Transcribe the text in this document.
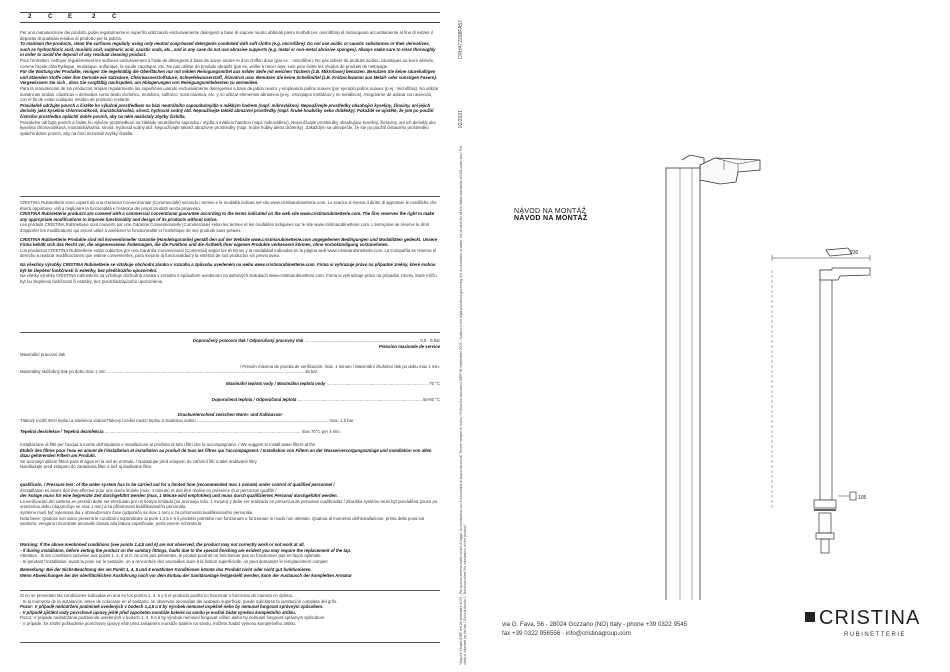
2	Č	E	2	Č

Per una manutenzione dei prodotti, pulire regolarmente le superfici utilizzando esclusivamente detergenti a base di sapone neutro abbinati panni morbidi (es. microfibra) di risciacquare accuratamente al fine di evitare il deposito di qualsiasi residuo di prodotto per la pulizia.

To maintain the products, clean the surfaces regularly using only neutral soap-based detergents combined with soft cloths (e.g. microfibre). Do not use acidic or caustic substances or their derivatives, such as hydrochloric acid, muriatic acid, sulphuric acid, caustic soda, etc., and in any case do not use abrasive supports (e.g. metal or non-metal abrasive sponges). Always make sure to rinse thoroughly in order to avoid the deposit of any residual cleaning product.

Pour l'entretien, nettoyer régulièrement les surfaces exclusivement à l'aide de détergents à base de savon neutre et d'un chiffon doux (par ex. : microfibre). Ne pas utiliser de produits acides, caustiques ou leurs dérivés, comme l'acide chlorhydrique, muriatique, sulfurique, la soude caustique, etc. Ne pas utiliser de produits abrasifs (par ex. veiller à rincer avec soin pour éviter les résidus de produits de nettoyage.

Für die Wartung der Produkte, reinigen Sie regelmäßig die Oberflächen nur mit milden Reinigungsmittel aus milder Seife mit weichen Tüchern (z.B. Mikrofaser) benutzen. Benutzen Sie keine säurehaltigen und ätzenden Stoffe oder ihre Derivate wie Salzsäure, Chlorwasserstoffsäure, Schwefelwasserstoff, Ätznatron usw. Benutzen Sie keine Scheifmittel (z.B. Kratzschwamm aus Metall- oder sonstigen Fasern). Vergewissern Sie sich , dass Sie sorgfältig nachspülen, um Ablagerungen von Reinigungsmittelresten zu vermeiden.

Para la manutención de los productos, limpiar regularmente las superficies usando exclusivamente detergentes a base de jabón neutro y empleando paños suaves (por ejemplo paños suaves (p.ej.: microfibra). No utilizar sustancias ácidas, cáusticas o derivados como ácido clorídrico, muriático, sulfúrico, sosa cáustica, etc. y no utilizar elementos abrasivos (p.ej.: estropajos metálicos y no metálicos). Asegúrarse de aclarar con atención, con el fin de evitar cualquier residuo de producto restante.

Pravidelně udržujte povrch a čistěte ho výlučně prostředkem na bázi neutrálního saponátu/mýdla a měkkým hadrem (např. mikrovlákno). Nepoužívejte prostředky obsahující kyseliny, žíraviny, ani jejich deriváty jako kyselina chlorovodíková, muriatická/solná, sírová, hydroxid sodný atd. Nepoužívejte taktéž abrazivní prostředky (např. hrubé houbičky nebo drátěnky). Pokaždé se ujistěte, že jste po použití čisticího prostředku opláchli dobře povrch, aby na něm nezůstaly zbytky čistidla.

Pravidelne udržujte povrch a čistite ho výlučne prostriedkom na základe neutrálneho saponátu / mydla a mäkkou handrou (napr. mikrovlákno). Nepoužívajte prostriedky obsahujúce kyseliny, žieraviny, ani ich deriváty ako kyselina chlorovodíková, muriatická/soľná, sírová, hydroxid sodný atď. Nepoužívajte taktiež abrazívne prostriedky (napr. hrubé hubky alebo drôtenky). Zakaždým sa ubezpečte, že ste po použití čistiaceho prostriedku opláchli dobre povrch, aby na ňom nezostali zvyšky čistidla.

CRISTINA Rubinetterie sono coperti da una Garanzia Convenzionale (Commerciale) secondo i termini e le modalità indicati nel sito www.cristinarubinetterie.com. Lo scarico si riserva il diritto di apportare le modifiche che riterrà opportune, utili a migliorare la funzionalità e l'estetica dei propri prodotti senza preavviso.

CRISTINA Rubinetterie products are covered with a commercial conventional guarantee according to the terms indicated on the web site www.cristinarubinetterie.com. The firm reserves the right to make any appropriate modifications to improve functionality and design of its products without notice.

Les produits CRISTINA Rubinetterie sont couverts par une Garantie Conventionnelle (Commerciale) selon les termes et les modalités indiquées sur le site www.cristinarubinetterie.com. L'entreprise se réserve le droit d'apporter les modifications qui seront utiles à améliorer la fonctionnalité et l'esthétique de ses produits sans préavis.

CRISTINA Rubinetterie Produkte sind mit konventioneller Garantie (Handelsgarantie) gemäß den auf der Website www.cristinarubinetterie.com angegebenen Bedingungen und Modalitäten gedeckt. Unsere Firma behält sich das Recht vor, die angemessenen Änderungen, die die Funktion und die Ästhetik ihrer eigenen Produkte verbessern können, ohne Vorankündigung vorzunehmen.

Los productos CRISTINA Rubinetterie están cubiertos por una Garantía Convencional (Comercial) según los términos y la modalidad indicados en la página web www.cristinarubinetterie.com. La Compañía se reserva el derecho a realizar modificaciones que estime convenientes, para mejorar la funcionalidad y la estética de sus productos sin previo aviso.

Na všechny výrobky CRISTINA Rubinetterie se vztahuje obchodní záruka v rozsahu a způsobu uvedeném na webu www.cristinarubinetterie.com. Firma si vyhrazuje právo na případné změny, které mohou být ke zlepšení funkčnosti či estetiky, bez předchozího upozornění.

Na všetky výrobky CRISTINA rubinetterie sa vzťahuje obchodná záruka v rozsahu a spôsobom uvedenom na webových stránkach www.cristinarubinetterie.com. Firma si vyhradzuje právo na prípadné zmeny, ktoré môžu byť ku zlepšeniu funkčnosti či estetiky, bez predchádzajúceho upozornenia.

Doporučený pracovní tlak / Odporúčaný pracovný tlak ................................................................................................ 0,5 - 5 bar

Pression maximale de service

Maximální pracovní tlak

/ Presión máxima de prueba de verificación, máx. 1 minuto / Maximální zkušební tlak po dobu max 1 min.

Maximálny skúšobný tlak po dobu max 1 min. .................................................................................................................................................................... 16 bar

Maximální teplota vody / Maximálna teplota vody ..................................................................................... 70 °C

Doporučená teplota / Odporúčaná teplota ........................................................................................................ 50-60 °C

Druckunterschied zwischen Warm- und Kaltwasser

Tlakový rozdíl mezi teplou a studenou vodou/Tlakový rozdiel medzi teplou a studenou vodou .............................................................................................................. max. 1,5 bar

Tepelná desinfekce / Tepelná dezinfekcia .................................................................................................................................................................... max 70°C per 4 min

Installazione di filtri per l'acqua a monte dell'impianto e installazione al prodotto di tutti i filtri che lo accompagnano. / We suggest to install water filters at the

Établir des filtres pour l'eau en amont de l'installation et installation au produit de tous les filtres qui l'accompagnent. / Installation von Filtern an der Wasserversorgungsanlage und Installation von allen dazu gehörenden Filtern am Produkt.

Se aconseja utilizar filtros para el agua en la red de entrada. / Naistalujte před vstupem do zařízení filtr a také dodávané filtry

Nainštalujte pred vstupom do zariadenia filter a tiež aj dodávané filtre.

qualificato. / Pressure test: of the water system has to be carried out for a limited time (recommended max 1 minute) under control of qualified personnel /

d'installation es assez doit être effectué pour une durée limitée (max. 1 minute) et doit être réalisé en présence d'un personnel qualifié /

der Anlage muss für eine begrenzte Zeit durchgeführt werden (max. 1 Minute wird empfohlen) und muss durch qualifiziertes Personal durchgeführt werden.

La verificación del sistema en presión debe ser efectuado por un tiempo limitado (se aconseja máx. 1 minuto) y debe ser realizado en presencia de personas cualificadas / Zkouška systému musí být prováděna pouze po omezenou dobu (doporučuje se max 1 min) a za přítomnosti kvalifikovaného personálu.

systému musí byť vykonaná iba v obmedzenom čase (odporúča sa max 1 min) a za prítomnosti kvalifikovaného personálu.

Nota bene: Qualora non siano presenti le condizioni soprindicate ai punti 1,4,5 e 6 il prodotto potrebbe non funzionare o funzionare in modo non ottimale. Qualora al momento dell'installazione, prima della posa sul sanitario, vengano riscontrate anomalie dovute alla fattura superficiale, potrà essere richiesta la

Warning: If the above mentioned conditions (see points 1,4,5 and 6) are not observed, the product may not correctly work or not work at all.

- If during installation, before setting the product on the sanitary fittings, faults due to the special finishing are evident you may require the replacement of the tap.

Attention : Si les conditions susvisée aux points 1, 4, 5 et 6, ne sont pas présentes, le produit pourrait ne fonctionner pas ou fonctionner pas en façon optimale.

- Si pendant l'installation, avant la pose sur le sanitaire, on a rencontrée des anomalies dues à la finition superficielle, on peut demander le remplacement complet

Bemerkung: Bei der Nicht-Beachtung der am Punkt 1, 4, 5 und 6 erwähnten Konditionen könnte das Produkt nicht oder nicht gut funktionieren.

Wenn Abweichungen bei der oberflächlichen Ausführung nach vor dem Einbau der Sanitäranlage festgestellt werden, kann der Austausch der kompletten Armatur

Si no se presentan las condiciones indicadas en una en los puntos 1, 4, 5 y 6 el producto podría no funcionar o funcionar de manera no óptima.

- Si al momento de la instalación, antes de colocarse en el sanitario, se observan anomalías del acabado superficial, puede solicitarse la sustitución completa del grifo.

Pozor: V případě nedodržení podmínek uvedených v bodech 1,4,5 a 6 by výrobek nemusel úspěšně nebo by nemusel fungovat správným způsobem.

- V případě zjištění vady povrchové úpravy ještě před započetím montáže baterie na sanitu je možné žádat výměnu kompletního artiklu.

Pozor: V prípade nedodržania podmienok uvedených v bodoch 1, 4, 5 a 6 by výrobok nemusel fungovať vôbec alebo by nemusel fungovať správnym spôsobom.

- V prípade, že zistíte poškodenie povrchovej úpravy ešte pred zahájením montáže batérie na sanitu, môžete žiadať výmenu kompletného artiklu.

CRH472208FA57
02/2021
"Seguire il foglio IDRP del 26 settembre 2009 - Per quanto previsto dalle norme di legge, la circolazione non è consentita di acqua da veicoli 'Tenere sempre di nuovo' / Follow the document IDRP 26 September 2009 - Subject to the legal provisions governing the re-circulation of water, the product for all the Italian standards of ISO-water law / The utility is informed by the tap / Consult Annex 1 'Technical sheet' for information on the product."
NÁVOD NA MONTÁŽ
NÁVOD NA MONTÁŽ
230
105
via G. Fava, 56 - 28024 Gozzano (NO) Italy - phone +39 0322 9545
fax +39 0322 956556 - info@cristinagroup.com
CRISTINA
RUBINETTERIE
